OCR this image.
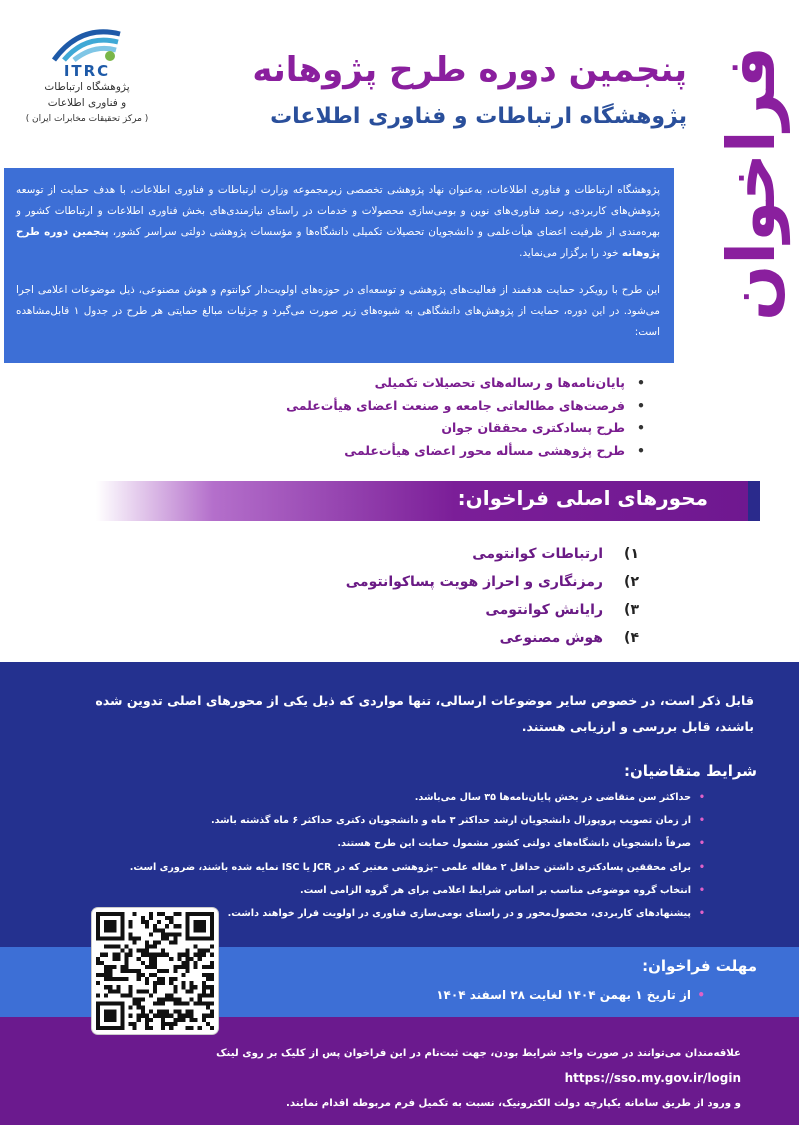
ITRC
پژوهشگاه ارتباطات
و فناوری اطلاعات
( مرکز تحقیقات مخابرات ایران )	فراخوان
پنجمین دوره طرح پژوهانه
پژوهشگاه ارتباطات و فناوری اطلاعات

پژوهشگاه ارتباطات و فناوری اطلاعات، به‌عنوان نهاد پژوهشی تخصصی زیرمجموعه وزارت ارتباطات و فناوری اطلاعات، با هدف حمایت از توسعه پژوهش‌های کاربردی، رصد فناوری‌های نوین و بومی‌سازی محصولات و خدمات در راستای نیازمندی‌های بخش فناوری اطلاعات و ارتباطات کشور و بهره‌مندی از ظرفیت اعضای هیأت‌علمی و دانشجویان تحصیلات تکمیلی دانشگاه‌ها و مؤسسات پژوهشی دولتی سراسر کشور، پنجمین دوره طرح پژوهانه خود را برگزار می‌نماید.

این طرح با رویکرد حمایت هدفمند از فعالیت‌های پژوهشی و توسعه‌ای در حوزه‌های اولویت‌دار کوانتوم و هوش مصنوعی، ذیل موضوعات اعلامی اجرا می‌شود. در این دوره، حمایت از پژوهش‌های دانشگاهی به شیوه‌های زیر صورت می‌گیرد و جزئیات مبالغ حمایتی هر طرح در جدول ۱ قابل‌مشاهده است:

• پایان‌نامه‌ها و رساله‌های تحصیلات تکمیلی
• فرصت‌های مطالعاتی جامعه و صنعت اعضای هیأت‌علمی
• طرح پسادکتری محققان جوان
• طرح پژوهشی مسأله محور اعضای هیأت‌علمی
محورهای اصلی فراخوان:
۱)
ارتباطات کوانتومی
۲)
رمزنگاری و احراز هویت پساکوانتومی
۳)
رایانش کوانتومی
۴)
هوش مصنوعی
قابل ذکر است، در خصوص سایر موضوعات ارسالی، تنها مواردی که ذیل یکی از محورهای اصلی تدوین شده باشند، قابل بررسی و ارزیابی هستند.
شرایط متقاضیان:
• حداکثر سن متقاضی در بخش پایان‌نامه‌ها ۳۵ سال می‌باشد.
• از زمان تصویب پروپوزال دانشجویان ارشد حداکثر ۳ ماه و دانشجویان دکتری حداکثر ۶ ماه گذشته باشد.
• صرفاً دانشجویان دانشگاه‌های دولتی کشور مشمول حمایت این طرح هستند.
• برای محققین پسادکتری داشتن حداقل ۲ مقاله علمی –پژوهشی معتبر که در JCR یا ISC نمایه شده باشند، ضروری است.
• انتخاب گروه موضوعی مناسب بر اساس شرایط اعلامی برای هر گروه الزامی است.
• پیشنهادهای کاربردی، محصول‌محور و در راستای بومی‌سازی فناوری در اولویت قرار خواهند داشت.
مهلت فراخوان:
• از تاریخ ۱ بهمن ۱۴۰۴ لغایت ۲۸ اسفند ۱۴۰۴
علاقه‌مندان می‌توانند در صورت واجد شرایط بودن، جهت ثبت‌نام در این فراخوان پس از کلیک بر روی لینک https://sso.my.gov.ir/login
و ورود از طریق سامانه یکپارچه دولت الکترونیک، نسبت به تکمیل فرم مربوطه اقدام نمایند.
